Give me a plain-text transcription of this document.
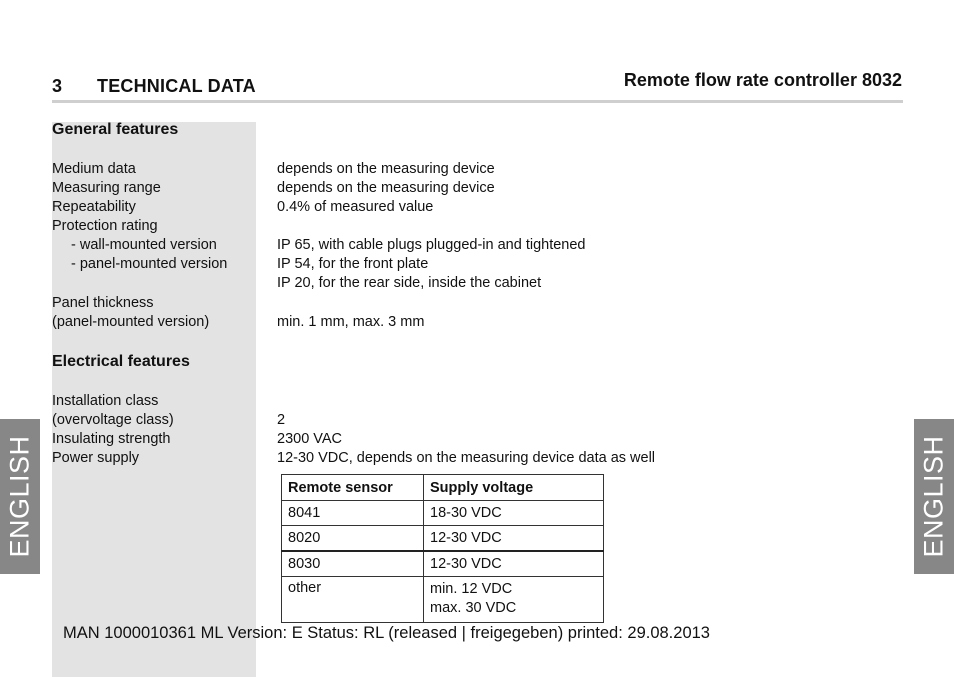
3 TECHNICAL DATA	Remote flow rate controller 8032
ENGLISH	ENGLISH
General features
Medium data	depends on the measuring device
Measuring range	depends on the measuring device
Repeatability	0.4% of measured value
Protection rating
- wall-mounted version	IP 65, with cable plugs plugged-in and tightened
- panel-mounted version	IP 54, for the front plate
IP 20, for the rear side, inside the cabinet
Panel thickness
(panel-mounted version)	min. 1 mm, max. 3 mm
Electrical features
Installation class
(overvoltage class)	2
Insulating strength	2300 VAC
Power supply	12-30 VDC, depends on the measuring device data as well
Remote sensor	Supply voltage
8041	18-30 VDC
8020	12-30 VDC
8030	12-30 VDC
other	min. 12 VDC
max. 30 VDC
MAN 1000010361 ML Version: E Status: RL (released | freigegeben) printed: 29.08.2013
